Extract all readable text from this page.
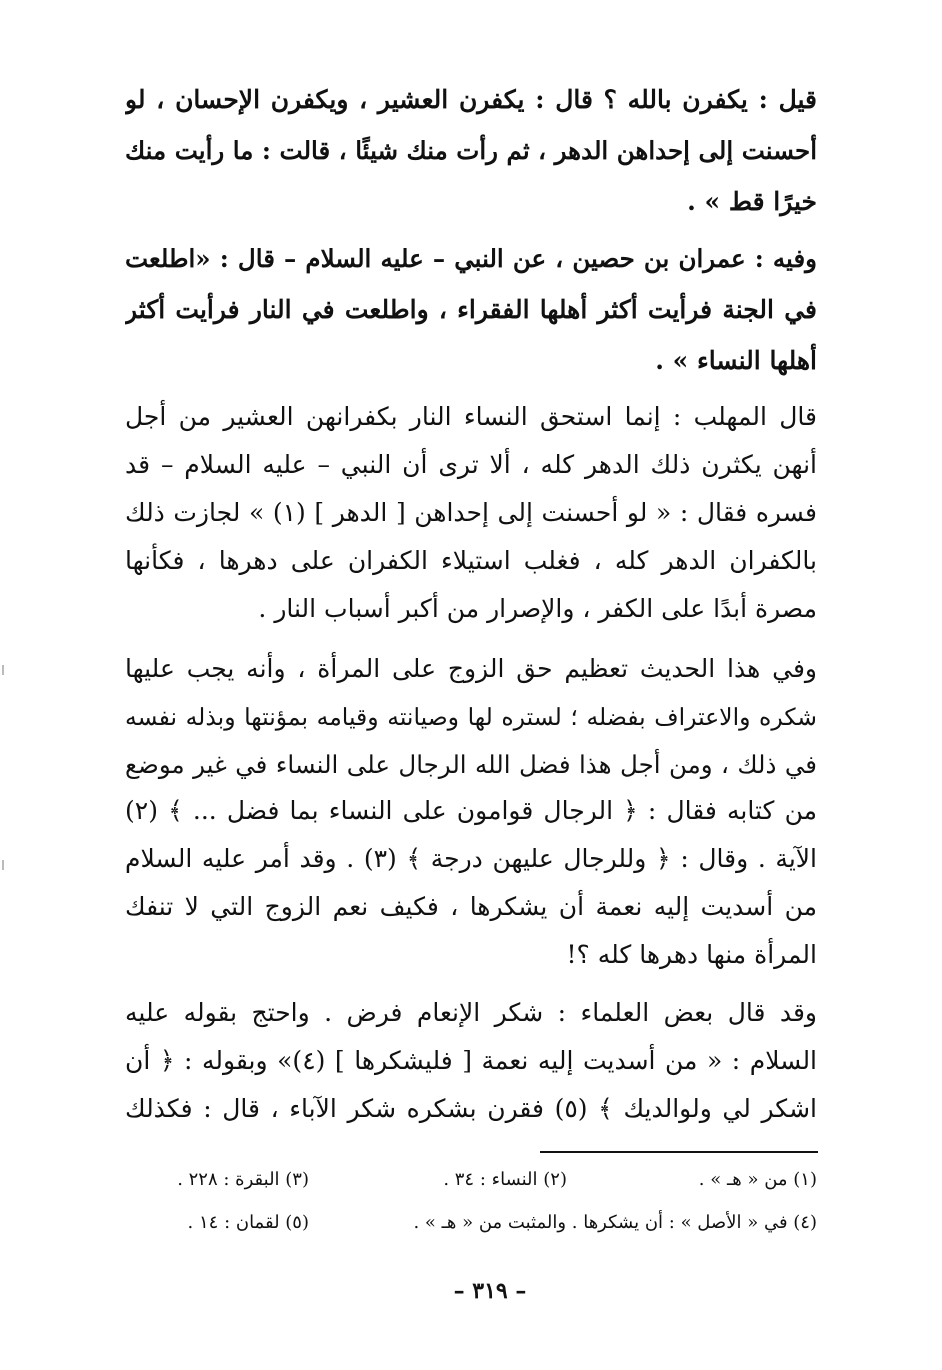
قيل : يكفرن بالله ؟ قال : يكفرن العشير ، ويكفرن الإحسان ، لو
أحسنت إلى إحداهن الدهر ، ثم رأت منك شيئًا ، قالت : ما رأيت منك
خيرًا قط » .
وفيه : عمران بن حصين ، عن النبي – عليه السلام – قال : «اطلعت
في الجنة فرأيت أكثر أهلها الفقراء ، واطلعت في النار فرأيت أكثر
أهلها النساء » .
قال المهلب : إنما استحق النساء النار بكفرانهن العشير من أجل
أنهن يكثرن ذلك الدهر كله ، ألا ترى أن النبي – عليه السلام – قد
فسره فقال : « لو أحسنت إلى إحداهن [ الدهر ] (١) » لجازت ذلك
بالكفران الدهر كله ، فغلب استيلاء الكفران على دهرها ، فكأنها
مصرة أبدًا على الكفر ، والإصرار من أكبر أسباب النار .
وفي هذا الحديث تعظيم حق الزوج على المرأة ، وأنه يجب عليها
شكره والاعتراف بفضله ؛ لستره لها وصيانته وقيامه بمؤنتها وبذله نفسه
في ذلك ، ومن أجل هذا فضل الله الرجال على النساء في غير موضع
من كتابه فقال : ﴿ الرجال قوامون على النساء بما فضل ... ﴾ (٢)
الآية . وقال : ﴿ وللرجال عليهن درجة ﴾ (٣) . وقد أمر عليه السلام
من أسديت إليه نعمة أن يشكرها ، فكيف نعم الزوج التي لا تنفك
المرأة منها دهرها كله ؟!
وقد قال بعض العلماء : شكر الإنعام فرض . واحتج بقوله عليه
السلام : « من أسديت إليه نعمة [ فليشكرها ] (٤)» وبقوله : ﴿ أن
اشكر لي ولوالديك ﴾ (٥) فقرن بشكره شكر الآباء ، قال : فكذلك
(١) من « هـ » .
(٢) النساء : ٣٤ .
(٣) البقرة : ٢٢٨ .
(٤) في « الأصل » : أن يشكرها . والمثبت من « هـ » .
(٥) لقمان : ١٤ .
– ٣١٩ –
